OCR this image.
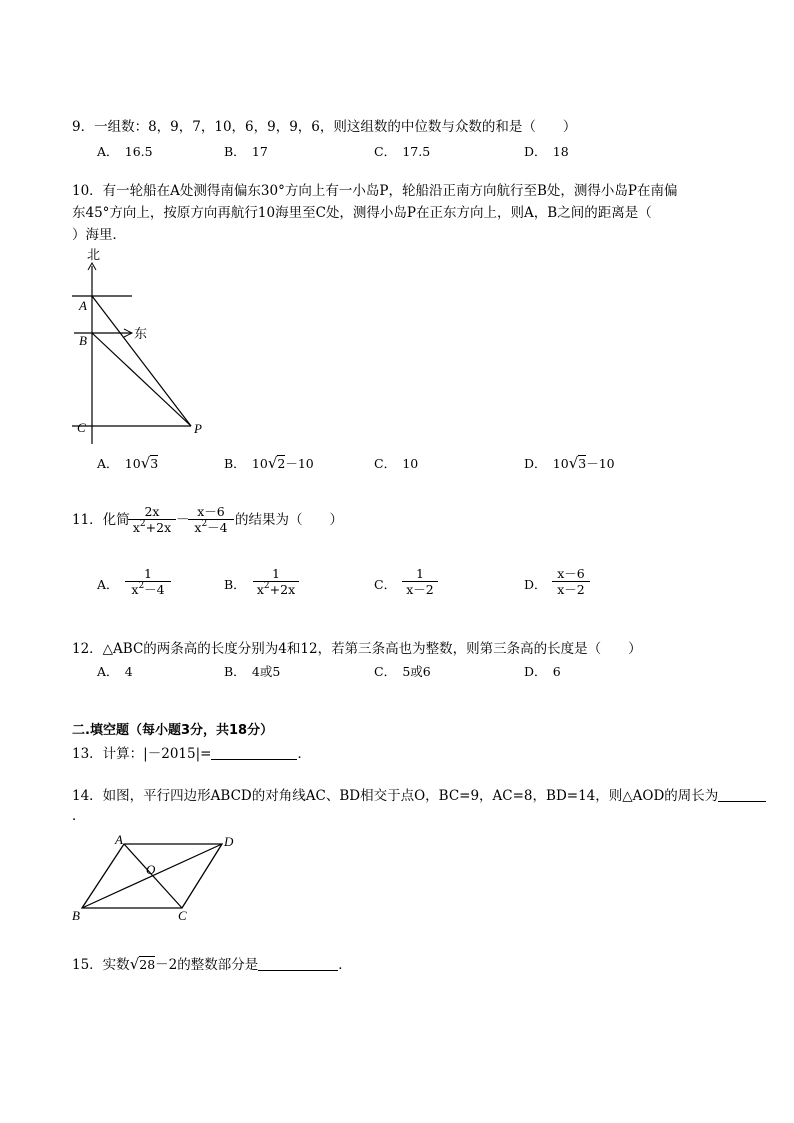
9．一组数：8，9，7，10，6，9，9，6，则这组数的中位数与众数的和是（　　）
A．　16.5	B．　17	C．　17.5	D．　18
10．有一轮船在A处测得南偏东30°方向上有一小岛P，轮船沿正南方向航行至B处，测得小岛P在南偏
东45°方向上，按原方向再航行10海里至C处，测得小岛P在正东方向上，则A，B之间的距离是（
）海里．
北
东
A
B
C	P
A．　10√3	B．　10√2－10	C．　10	D．　10√3－10
11．化简
2x
$x^2+2x$ －
x－6
$x^2-4$ 的结果为（　　）
A．
1
$x^2-4$	B．
1
$x^2+2x$	C．
1
x－2	D．
x－6
x－2
12．△ABC的两条高的长度分别为4和12，若第三条高也为整数，则第三条高的长度是（　　）
A．　4	B．　4或5	C．　5或6	D．　6
二.填空题（每小题3分，共18分）
13．计算：|－2015|=	．
14．如图，平行四边形ABCD的对角线AC、BD相交于点O，BC=9，AC=8，BD=14，则△AOD的周长为
．
A	D
B	C
O
15．实数√28－2的整数部分是	．
